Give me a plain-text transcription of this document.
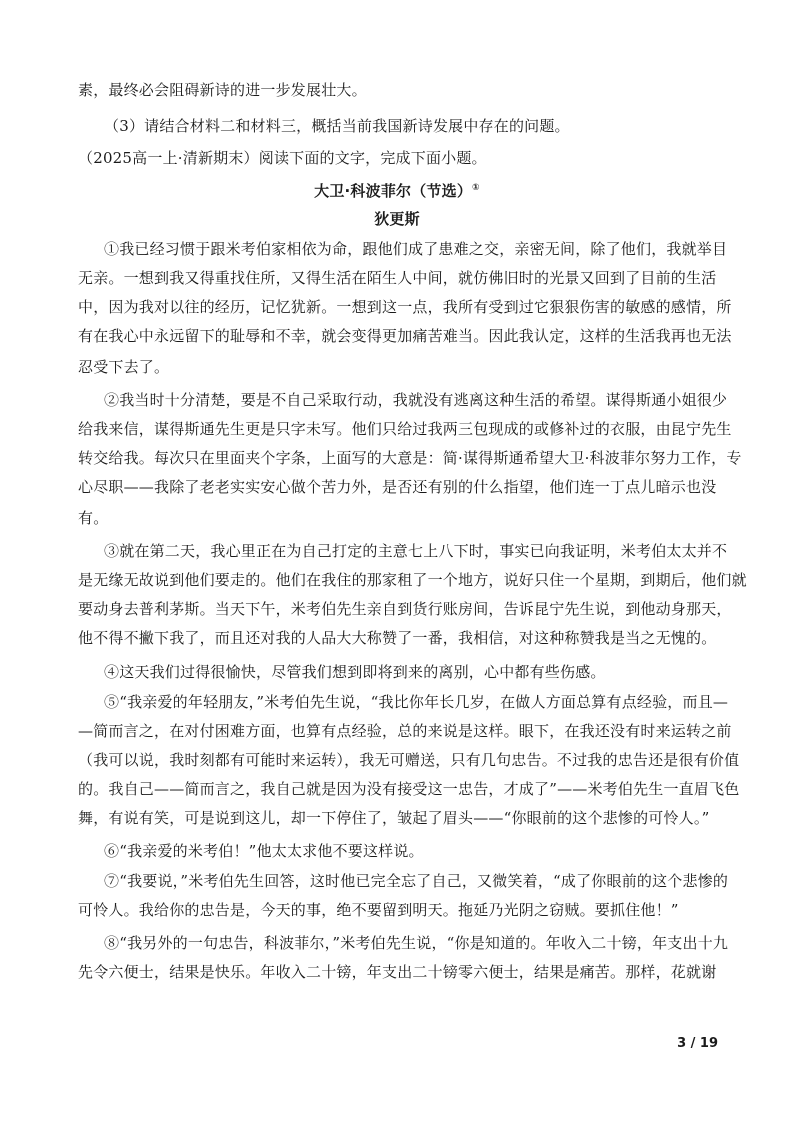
素，最终必会阻碍新诗的进一步发展壮大。
（3）请结合材料二和材料三，概括当前我国新诗发展中存在的问题。
（2025高一上·清新期末）阅读下面的文字，完成下面小题。
大卫·科波菲尔（节选）①
狄更斯
①我已经习惯于跟米考伯家相依为命，跟他们成了患难之交，亲密无间，除了他们，我就举目
无亲。一想到我又得重找住所，又得生活在陌生人中间，就仿佛旧时的光景又回到了目前的生活
中，因为我对以往的经历，记忆犹新。一想到这一点，我所有受到过它狠狠伤害的敏感的感情，所
有在我心中永远留下的耻辱和不幸，就会变得更加痛苦难当。因此我认定，这样的生活我再也无法
忍受下去了。
②我当时十分清楚，要是不自己采取行动，我就没有逃离这种生活的希望。谋得斯通小姐很少
给我来信，谋得斯通先生更是只字未写。他们只给过我两三包现成的或修补过的衣服，由昆宁先生
转交给我。每次只在里面夹个字条，上面写的大意是：简·谋得斯通希望大卫·科波菲尔努力工作，专
心尽职——我除了老老实实安心做个苦力外，是否还有别的什么指望，他们连一丁点儿暗示也没
有。
③就在第二天，我心里正在为自己打定的主意七上八下时，事实已向我证明，米考伯太太并不
是无缘无故说到他们要走的。他们在我住的那家租了一个地方，说好只住一个星期，到期后，他们就
要动身去普利茅斯。当天下午，米考伯先生亲自到货行账房间，告诉昆宁先生说，到他动身那天，
他不得不撇下我了，而且还对我的人品大大称赞了一番，我相信，对这种称赞我是当之无愧的。
④这天我们过得很愉快，尽管我们想到即将到来的离别，心中都有些伤感。
⑤“我亲爱的年轻朋友，”米考伯先生说，“我比你年长几岁，在做人方面总算有点经验，而且—
—简而言之，在对付困难方面，也算有点经验，总的来说是这样。眼下，在我还没有时来运转之前
（我可以说，我时刻都有可能时来运转），我无可赠送，只有几句忠告。不过我的忠告还是很有价值
的。我自己——简而言之，我自己就是因为没有接受这一忠告，才成了”——米考伯先生一直眉飞色
舞，有说有笑，可是说到这儿，却一下停住了，皱起了眉头——“你眼前的这个悲惨的可怜人。”
⑥“我亲爱的米考伯！”他太太求他不要这样说。
⑦“我要说，”米考伯先生回答，这时他已完全忘了自己，又微笑着，“成了你眼前的这个悲惨的
可怜人。我给你的忠告是，今天的事，绝不要留到明天。拖延乃光阴之窃贼。要抓住他！”
⑧“我另外的一句忠告，科波菲尔，”米考伯先生说，“你是知道的。年收入二十镑，年支出十九
先令六便士，结果是快乐。年收入二十镑，年支出二十镑零六便士，结果是痛苦。那样，花就谢
3 / 19
